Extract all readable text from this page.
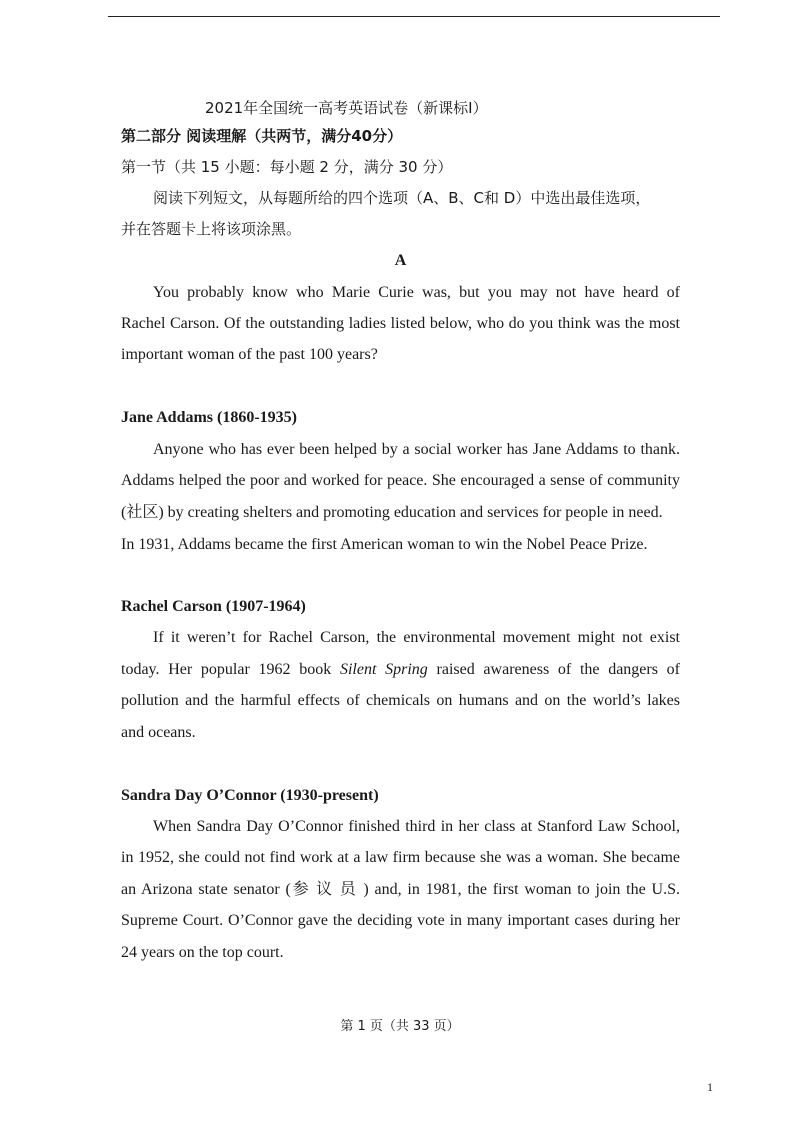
2021年全国统一高考英语试卷（新课标Ⅰ）
第二部分 阅读理解（共两节，满分40分）
第一节（共 15 小题：每小题 2 分，满分 30 分）
阅读下列短文，从每题所给的四个选项（A、B、C和 D）中选出最佳选项，
并在答题卡上将该项涂黑。
A
You probably know who Marie Curie was, but you may not have heard of
Rachel Carson. Of the outstanding ladies listed below, who do you think was the most
important woman of the past 100 years?
Jane Addams (1860-1935)
Anyone who has ever been helped by a social worker has Jane Addams to thank.
Addams helped the poor and worked for peace. She encouraged a sense of community
(社区) by creating shelters and promoting education and services for people in need.
In 1931, Addams became the first American woman to win the Nobel Peace Prize.
Rachel Carson (1907-1964)
If it weren’t for Rachel Carson, the environmental movement might not exist
today. Her popular 1962 book Silent Spring raised awareness of the dangers of
pollution and the harmful effects of chemicals on humans and on the world’s lakes
and oceans.
Sandra Day O’Connor (1930-present)
When Sandra Day O’Connor finished third in her class at Stanford Law School,
in 1952, she could not find work at a law firm because she was a woman. She became
an Arizona state senator (参 议 员 ) and, in 1981, the first woman to join the U.S.
Supreme Court. O’Connor gave the deciding vote in many important cases during her
24 years on the top court.
第 1 页（共 33 页）
1
